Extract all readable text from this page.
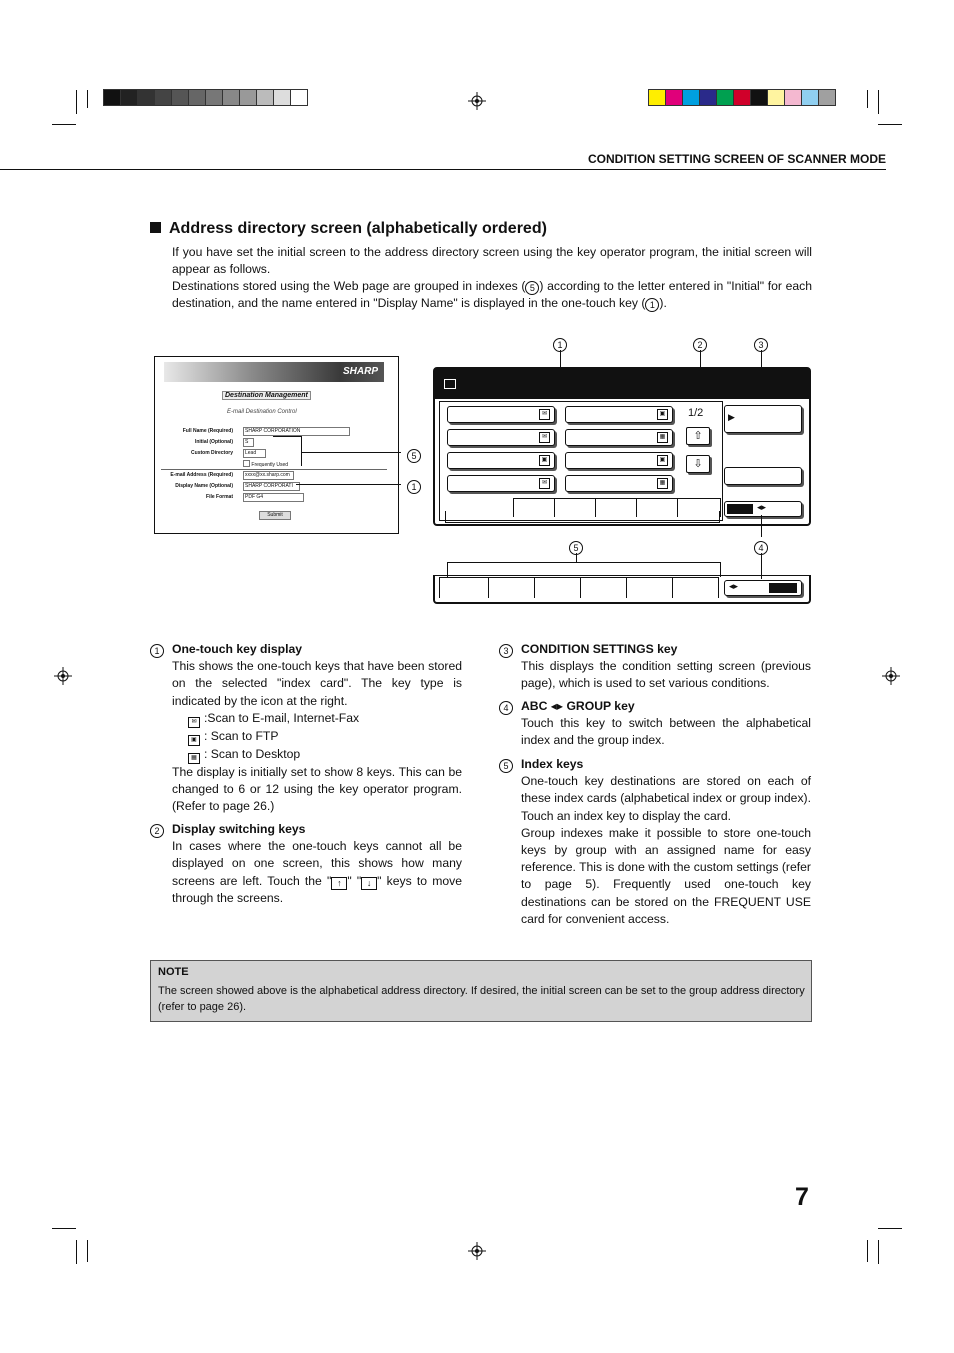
CONDITION SETTING SCREEN OF SCANNER MODE
Address directory screen (alphabetically ordered)
If you have set the initial screen to the address directory screen using the key operator program, the initial screen will appear as follows.
Destinations stored using the Web page are grouped in indexes ( 5 ) according to the letter entered in "Initial" for each destination, and the name entered in "Display Name" is displayed in the one-touch key ( 1 ).
SHARP
Destination Management
E-mail Destination Control
Full Name (Required)	SHARP CORPORATION
Initial (Optional)	S
Custom Directory	Lead
Frequently Used
E-mail Address (Required)	xxxx@xx.sharp.com
Display Name (Optional)	SHARP CORPORATI
File Format	PDF G4
Submit
5
1
1	2	3
✉	▣
✉	▦
▣	▣
✉	▦
1/2
⇧
⇩
▶
◂▸
5	4
◂▸
1	One-touch key display
This shows the one-touch keys that have been stored on the selected "index card". The key type is indicated by the icon at the right.
✉ :Scan to E-mail, Internet-Fax
▣ : Scan to FTP
▦ : Scan to Desktop
The display is initially set to show 8 keys. This can be changed to 6 or 12 using the key operator program. (Refer to page 26.)
2	Display switching keys
In cases where the one-touch keys cannot all be displayed on one screen, this shows how many screens are left. Touch the " ↑ " " ↓ " keys to move through the screens.
3	CONDITION SETTINGS key
This displays the condition setting screen (previous page), which is used to set various conditions.
4	ABC ◂▸ GROUP key
Touch this key to switch between the alphabetical index and the group index.
5	Index keys
One-touch key destinations are stored on each of these index cards (alphabetical index or group index). Touch an index key to display the card.
Group indexes make it possible to store one-touch keys by group with an assigned name for easy reference. This is done with the custom settings (refer to page 5). Frequently used one-touch key destinations can be stored on the FREQUENT USE card for convenient access.
NOTE
The screen showed above is the alphabetical address directory. If desired, the initial screen can be set to the group address directory (refer to page 26).
7
